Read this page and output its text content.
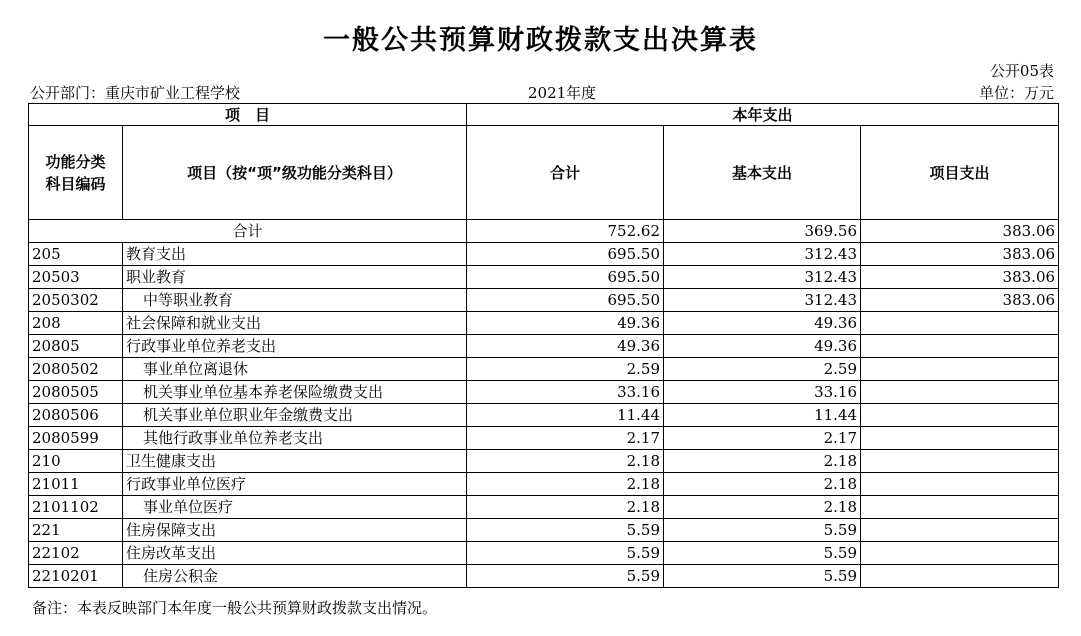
一般公共预算财政拨款支出决算表
公开05表
公开部门：重庆市矿业工程学校	2021年度	单位：万元
项　目		本年支出		
功能分类
科目编码	项目（按“项”级功能分类科目）	合计	基本支出	项目支出
合计		752.62	369.56	383.06
205	教育支出	695.50	312.43	383.06
20503	职业教育	695.50	312.43	383.06
2050302	中等职业教育	695.50	312.43	383.06
208	社会保障和就业支出	49.36	49.36	
20805	行政事业单位养老支出	49.36	49.36	
2080502	事业单位离退休	2.59	2.59	
2080505	机关事业单位基本养老保险缴费支出	33.16	33.16	
2080506	机关事业单位职业年金缴费支出	11.44	11.44	
2080599	其他行政事业单位养老支出	2.17	2.17	
210	卫生健康支出	2.18	2.18	
21011	行政事业单位医疗	2.18	2.18	
2101102	事业单位医疗	2.18	2.18	
221	住房保障支出	5.59	5.59	
22102	住房改革支出	5.59	5.59	
2210201	住房公积金	5.59	5.59	
备注：本表反映部门本年度一般公共预算财政拨款支出情况。
